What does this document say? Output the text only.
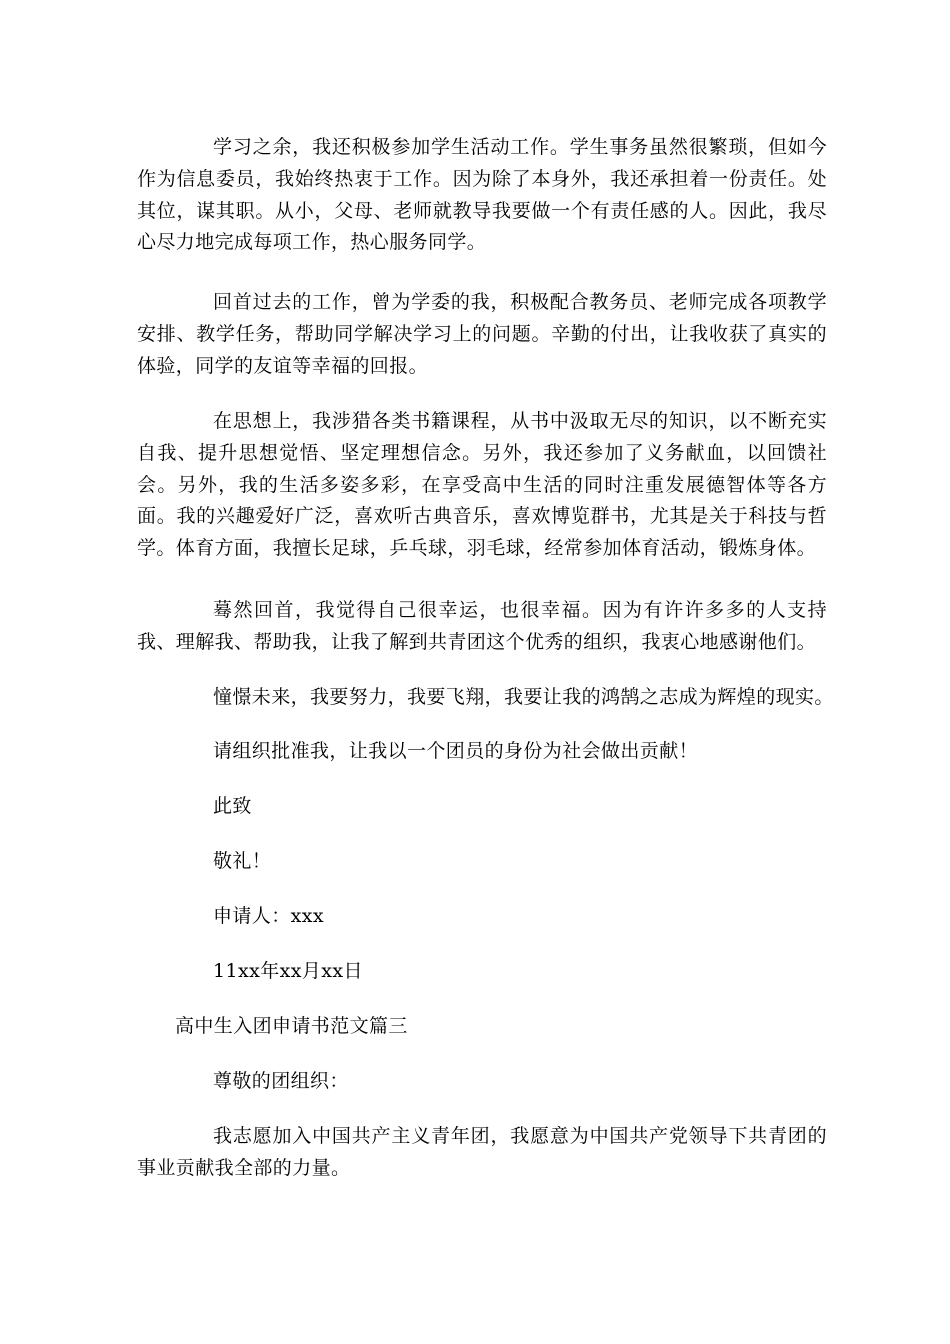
学习之余，我还积极参加学生活动工作。学生事务虽然很繁琐，但如今作为信息委员，我始终热衷于工作。因为除了本身外，我还承担着一份责任。处其位，谋其职。从小，父母、老师就教导我要做一个有责任感的人。因此，我尽心尽力地完成每项工作，热心服务同学。

回首过去的工作，曾为学委的我，积极配合教务员、老师完成各项教学安排、教学任务，帮助同学解决学习上的问题。辛勤的付出，让我收获了真实的体验，同学的友谊等幸福的回报。

在思想上，我涉猎各类书籍课程，从书中汲取无尽的知识，以不断充实自我、提升思想觉悟、坚定理想信念。另外，我还参加了义务献血，以回馈社会。另外，我的生活多姿多彩，在享受高中生活的同时注重发展德智体等各方面。我的兴趣爱好广泛，喜欢听古典音乐，喜欢博览群书，尤其是关于科技与哲学。体育方面，我擅长足球，乒乓球，羽毛球，经常参加体育活动，锻炼身体。

蓦然回首，我觉得自己很幸运，也很幸福。因为有许许多多的人支持我、理解我、帮助我，让我了解到共青团这个优秀的组织，我衷心地感谢他们。

憧憬未来，我要努力，我要飞翔，我要让我的鸿鹄之志成为辉煌的现实。

请组织批准我，让我以一个团员的身份为社会做出贡献！

此致

敬礼！

申请人：xxx

11xx年xx月xx日

高中生入团申请书范文篇三

尊敬的团组织：

我志愿加入中国共产主义青年团，我愿意为中国共产党领导下共青团的事业贡献我全部的力量。
